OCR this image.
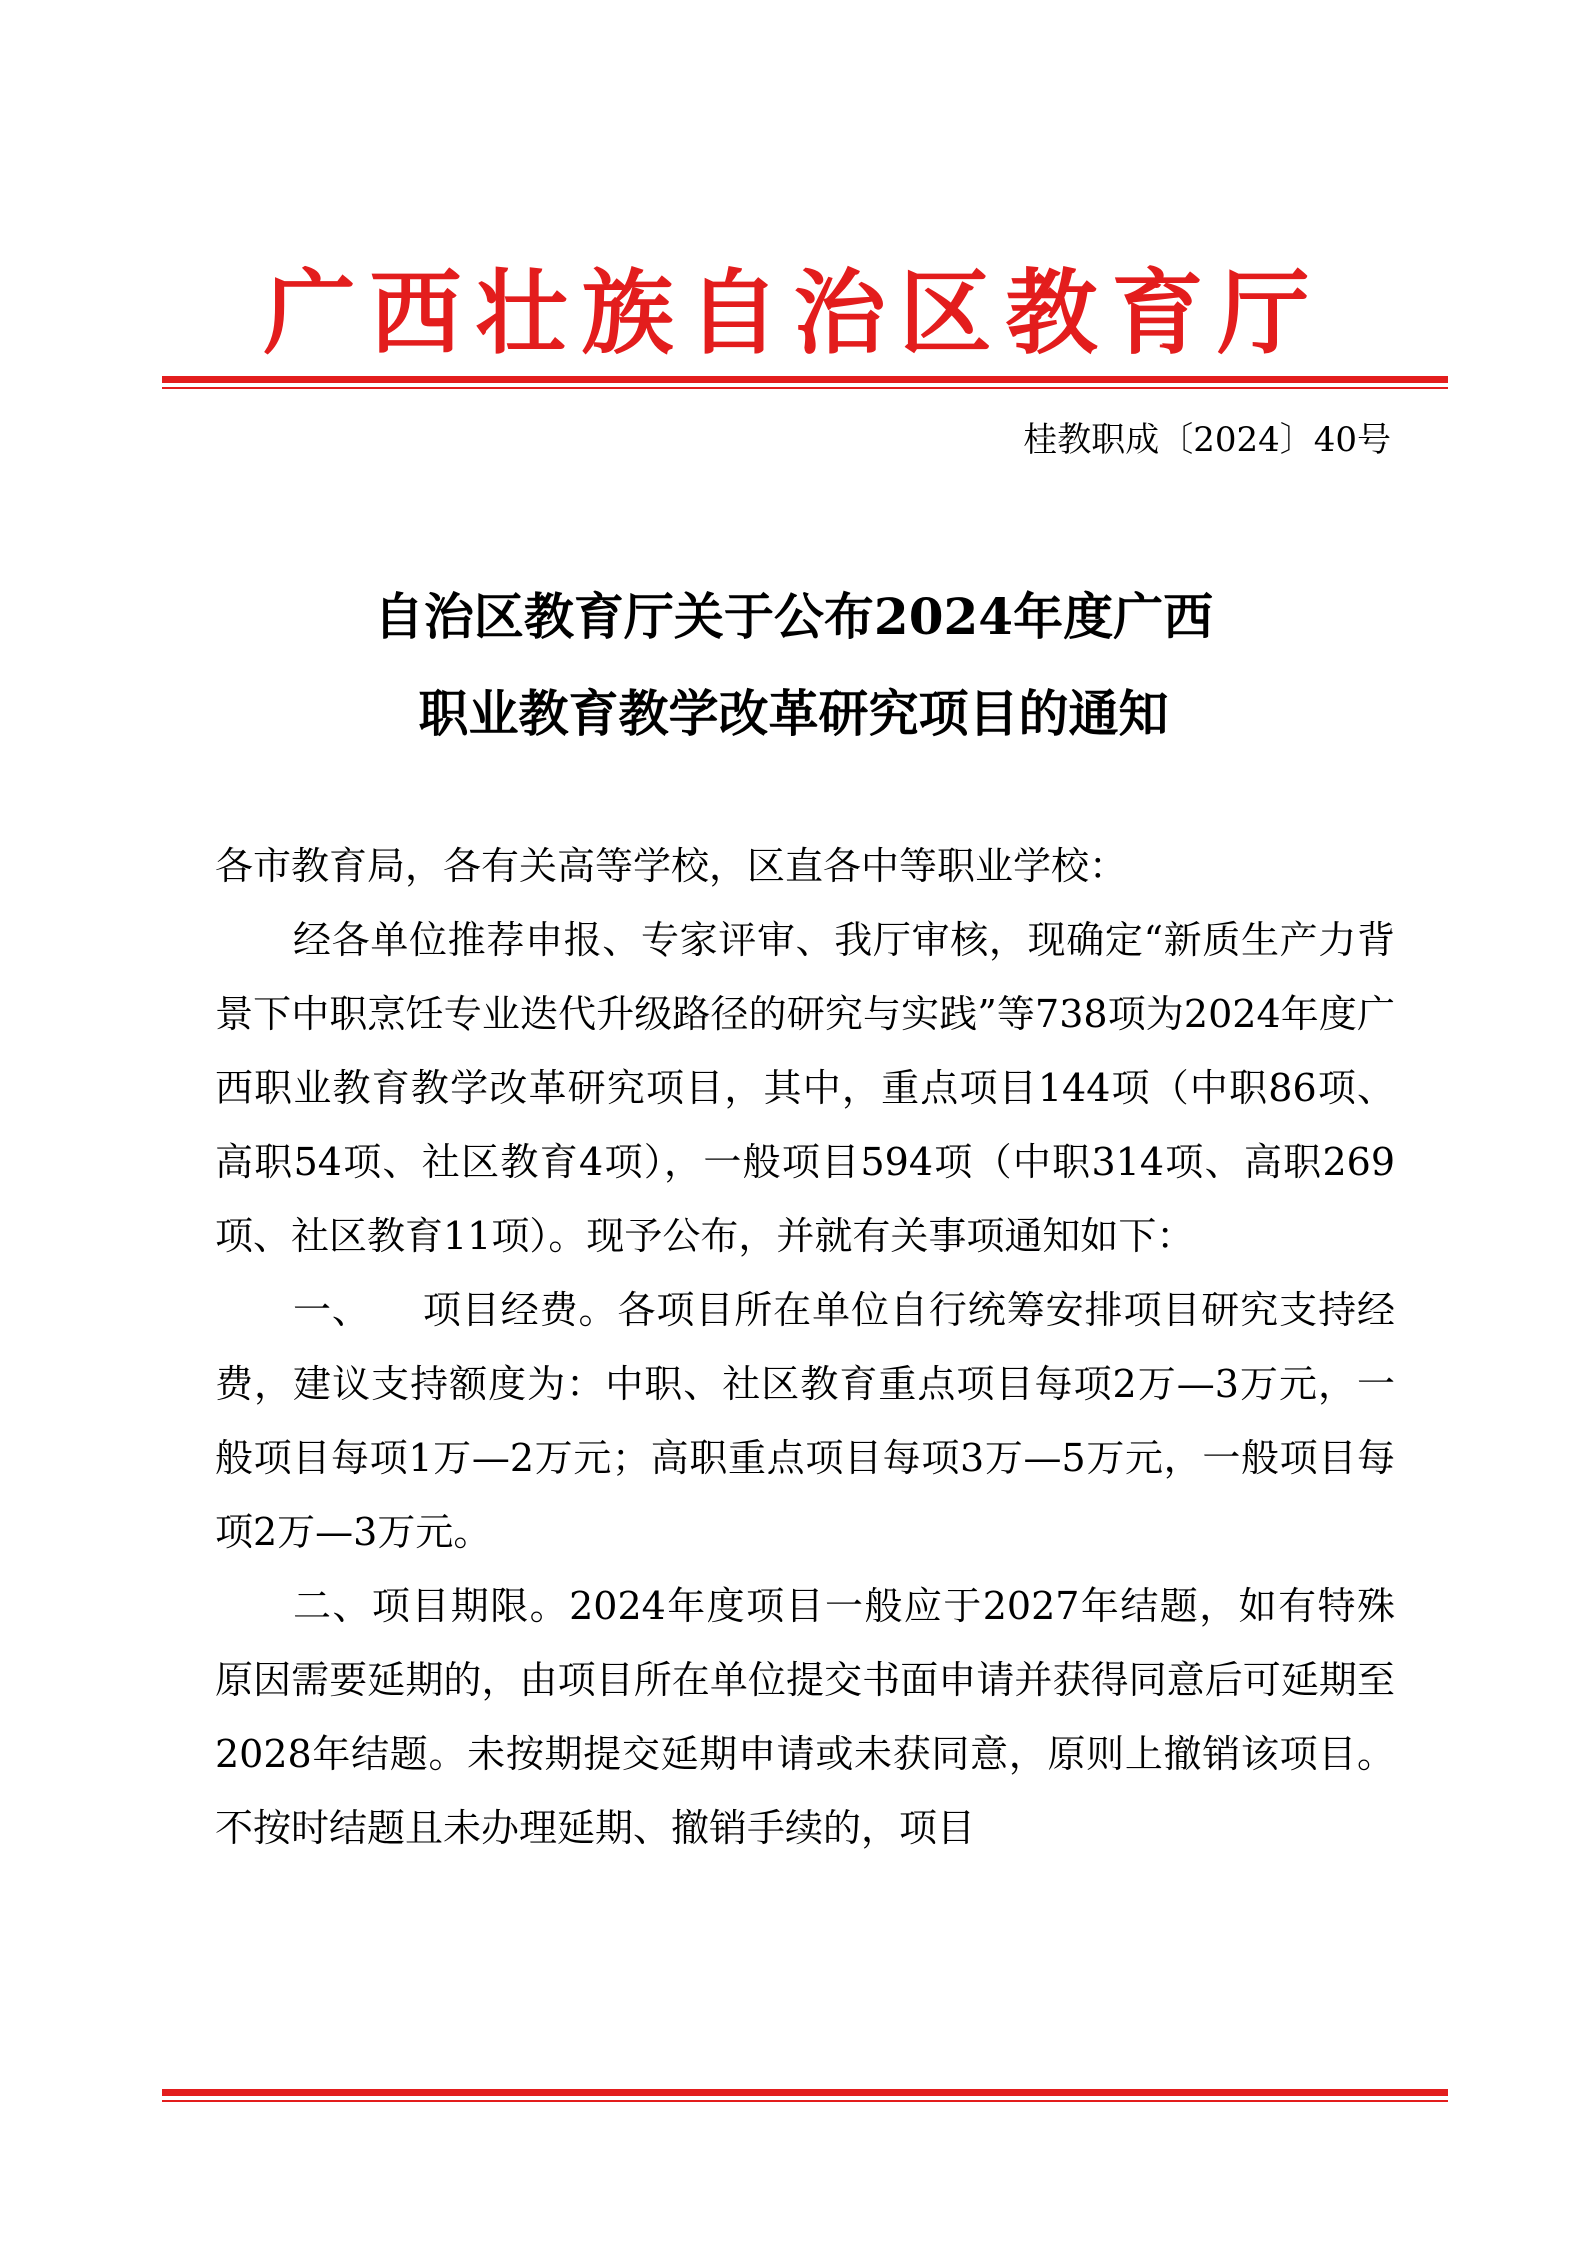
广西壮族自治区教育厅
桂教职成〔2024〕40号
自治区教育厅关于公布2024年度广西
职业教育教学改革研究项目的通知

各市教育局，各有关高等学校，区直各中等职业学校：

经各单位推荐申报、专家评审、我厅审核，现确定“新质生产力背景下中职烹饪专业迭代升级路径的研究与实践”等738项为2024年度广西职业教育教学改革研究项目，其中，重点项目144项（中职86项、高职54项、社区教育4项），一般项目594项（中职314项、高职269项、社区教育11项）。现予公布，并就有关事项通知如下：

一、    项目经费。各项目所在单位自行统筹安排项目研究支持经费，建议支持额度为：中职、社区教育重点项目每项2万—3万元，一般项目每项1万—2万元；高职重点项目每项3万—5万元，一般项目每项2万—3万元。

二、项目期限。2024年度项目一般应于2027年结题，如有特殊原因需要延期的，由项目所在单位提交书面申请并获得同意后可延期至2028年结题。未按期提交延期申请或未获同意，原则上撤销该项目。不按时结题且未办理延期、撤销手续的，项目
